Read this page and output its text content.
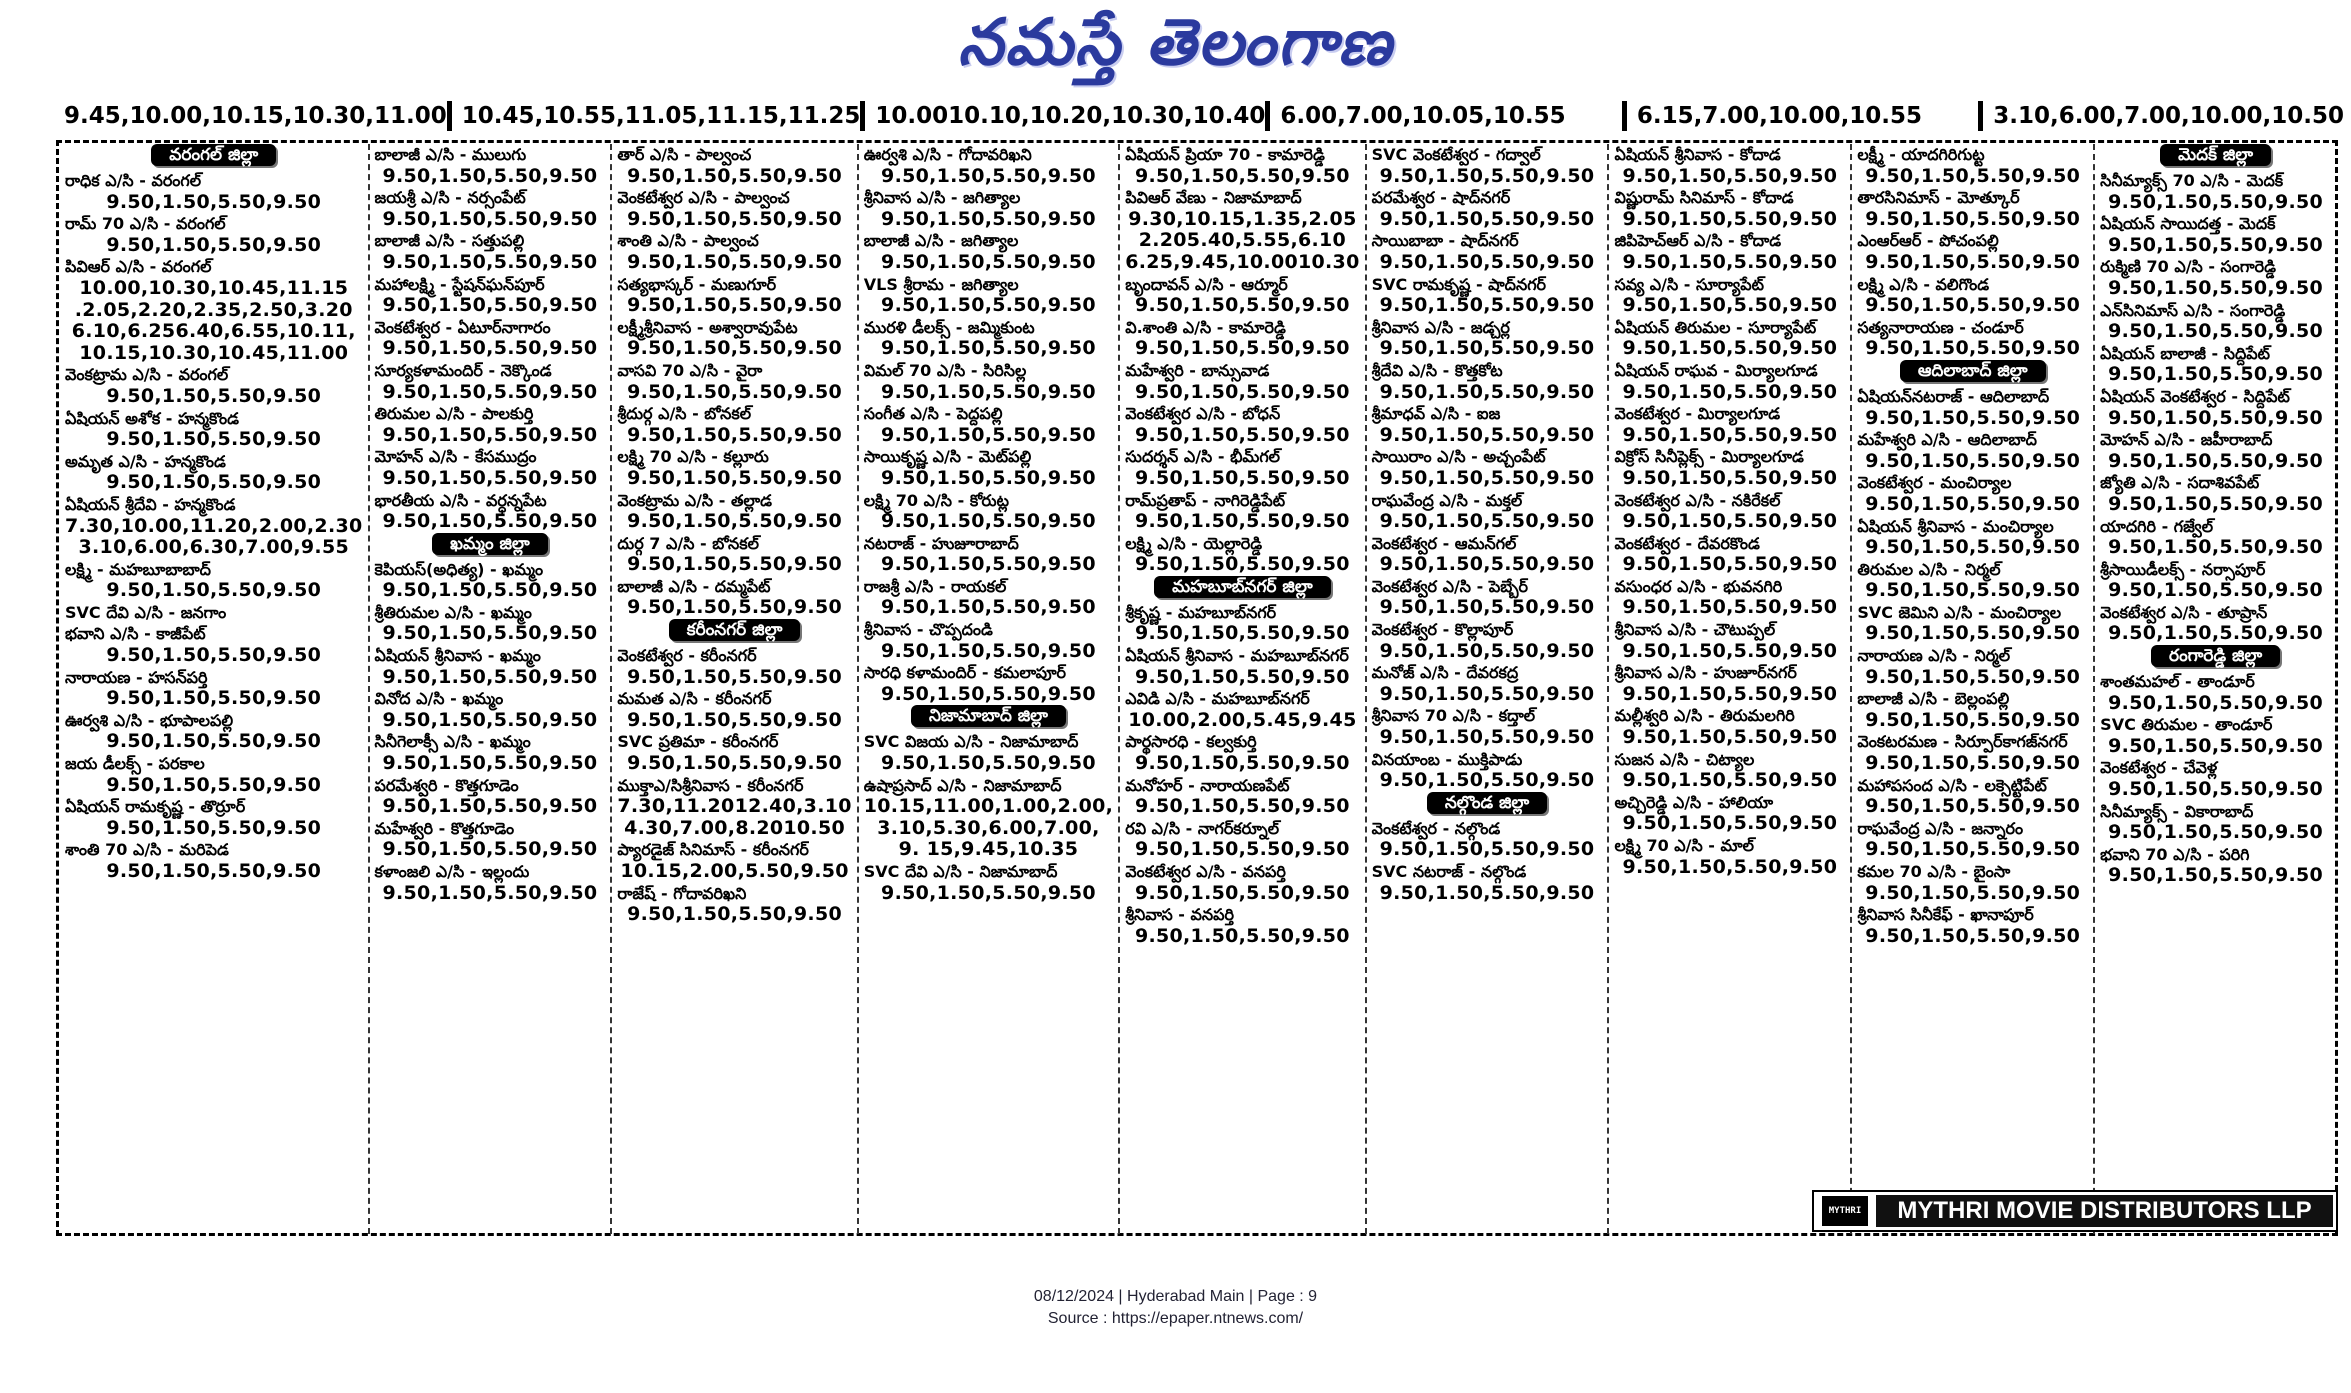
నమస్తే తెలంగాణ
9.45,10.00,10.15,10.30,11.00 10.45,10.55,11.05,11.15,11.25 10.0010.10,10.20,10.30,10.40 6.00,7.00,10.05,10.55	6.15,7.00,10.00,10.55	3.10,6.00,7.00,10.00,10.50
వరంగల్ జిల్లా
రాధిక ఎ/సి - వరంగల్
9.50,1.50,5.50,9.50
రామ్ 70 ఎ/సి - వరంగల్
9.50,1.50,5.50,9.50
పివిఆర్ ఎ/సి - వరంగల్
10.00,10.30,10.45,11.15
.2.05,2.20,2.35,2.50,3.20
6.10,6.256.40,6.55,10.11,
10.15,10.30,10.45,11.00
వెంకట్రామ ఎ/సి - వరంగల్
9.50,1.50,5.50,9.50
ఏషియన్ అశోక - హన్మకొండ
9.50,1.50,5.50,9.50
అమృత ఎ/సి - హన్మకొండ
9.50,1.50,5.50,9.50
ఏషియన్ శ్రీదేవి - హన్మకొండ
7.30,10.00,11.20,2.00,2.30
3.10,6.00,6.30,7.00,9.55
లక్ష్మి - మహబూబాబాద్
9.50,1.50,5.50,9.50
SVC దేవి ఎ/సి - జనగాం
భవాని ఎ/సి - కాజీపేట్
9.50,1.50,5.50,9.50
నారాయణ - హసన్‌పర్తి
9.50,1.50,5.50,9.50
ఊర్వశి ఎ/సి - భూపాలపల్లి
9.50,1.50,5.50,9.50
జయ డీలక్స్ - పరకాల
9.50,1.50,5.50,9.50
ఏషియన్ రామకృష్ణ - తొర్రూర్
9.50,1.50,5.50,9.50
శాంతి 70 ఎ/సి - మరిపెడ
9.50,1.50,5.50,9.50
బాలాజీ ఎ/సి - ములుగు
9.50,1.50,5.50,9.50
జయశ్రీ ఎ/సి - నర్సంపేట్
9.50,1.50,5.50,9.50
బాలాజీ ఎ/సి - సత్తుపల్లి
9.50,1.50,5.50,9.50
మహాలక్ష్మి - స్టేషన్‌ఘన్‌పూర్
9.50,1.50,5.50,9.50
వెంకటేశ్వర - ఏటూర్‌నాగారం
9.50,1.50,5.50,9.50
సూర్యకళామందిర్ - నెక్కొండ
9.50,1.50,5.50,9.50
తిరుమల ఎ/సి - పాలకుర్తి
9.50,1.50,5.50,9.50
మోహన్ ఎ/సి - కేసముద్రం
9.50,1.50,5.50,9.50
భారతీయ ఎ/సి - వర్ధన్నపేట
9.50,1.50,5.50,9.50
ఖమ్మం జిల్లా
కెపియస్(అధిత్య) - ఖమ్మం
9.50,1.50,5.50,9.50
శ్రీతిరుమల ఎ/సి - ఖమ్మం
9.50,1.50,5.50,9.50
ఏషియన్ శ్రీనివాస - ఖమ్మం
9.50,1.50,5.50,9.50
వినోద ఎ/సి - ఖమ్మం
9.50,1.50,5.50,9.50
సినీగెలాక్సీ ఎ/సి - ఖమ్మం
9.50,1.50,5.50,9.50
పరమేశ్వరి - కొత్తగూడెం
9.50,1.50,5.50,9.50
మహేశ్వరి - కొత్తగూడెం
9.50,1.50,5.50,9.50
కళాంజలి ఎ/సి - ఇల్లందు
9.50,1.50,5.50,9.50
తార్ ఎ/సి - పాల్వంచ
9.50,1.50,5.50,9.50
వెంకటేశ్వర ఎ/సి - పాల్వంచ
9.50,1.50,5.50,9.50
శాంతి ఎ/సి - పాల్వంచ
9.50,1.50,5.50,9.50
సత్యభాస్కర్ - మణుగూర్
9.50,1.50,5.50,9.50
లక్ష్మీశ్రీనివాస - అశ్వారావుపేట
9.50,1.50,5.50,9.50
వాసవి 70 ఎ/సి - వైరా
9.50,1.50,5.50,9.50
శ్రీదుర్గ ఎ/సి - బోనకల్
9.50,1.50,5.50,9.50
లక్ష్మి 70 ఎ/సి - కల్లూరు
9.50,1.50,5.50,9.50
వెంకట్రామ ఎ/సి - తల్లాడ
9.50,1.50,5.50,9.50
దుర్గ 7 ఎ/సి - బోనకల్
9.50,1.50,5.50,9.50
బాలాజీ ఎ/సి - దమ్మపేట్
9.50,1.50,5.50,9.50
కరీంనగర్ జిల్లా
వెంకటేశ్వర - కరీంనగర్
9.50,1.50,5.50,9.50
మమత ఎ/సి - కరీంనగర్
9.50,1.50,5.50,9.50
SVC ప్రతిమా - కరీంనగర్
9.50,1.50,5.50,9.50
ముక్తాఎ/సిశ్రీనివాస - కరీంనగర్
7.30,11.2012.40,3.10
4.30,7.00,8.2010.50
ప్యారడైజ్ సినిమాస్ - కరీంనగర్
10.15,2.00,5.50,9.50
రాజేష్ - గోదావరిఖని
9.50,1.50,5.50,9.50
ఊర్వశి ఎ/సి - గోదావరిఖని
9.50,1.50,5.50,9.50
శ్రీనివాస ఎ/సి - జగిత్యాల
9.50,1.50,5.50,9.50
బాలాజీ ఎ/సి - జగిత్యాల
9.50,1.50,5.50,9.50
VLS శ్రీరామ - జగిత్యాల
9.50,1.50,5.50,9.50
మురళి డీలక్స్ - జమ్మికుంట
9.50,1.50,5.50,9.50
విమల్ 70 ఎ/సి - సిరిసిల్ల
9.50,1.50,5.50,9.50
సంగీత ఎ/సి - పెద్దపల్లి
9.50,1.50,5.50,9.50
సాయికృష్ణ ఎ/సి - మెట్‌పల్లి
9.50,1.50,5.50,9.50
లక్ష్మి 70 ఎ/సి - కోరుట్ల
9.50,1.50,5.50,9.50
నటరాజ్ - హుజూరాబాద్
9.50,1.50,5.50,9.50
రాజశ్రీ ఎ/సి - రాయకల్
9.50,1.50,5.50,9.50
శ్రీనివాస - చొప్పదండి
9.50,1.50,5.50,9.50
సారధి కళామందిర్ - కమలాపూర్
9.50,1.50,5.50,9.50
నిజామాబాద్ జిల్లా
SVC విజయ ఎ/సి - నిజామాబాద్
9.50,1.50,5.50,9.50
ఉషాప్రసాద్ ఎ/సి - నిజామాబాద్
10.15,11.00,1.00,2.00,
3.10,5.30,6.00,7.00,
9. 15,9.45,10.35
SVC దేవి ఎ/సి - నిజామాబాద్
9.50,1.50,5.50,9.50
ఏషియన్ ప్రియా 70 - కామారెడ్డి
9.50,1.50,5.50,9.50
పివిఆర్ వేణు - నిజామాబాద్
9.30,10.15,1.35,2.05
2.205.40,5.55,6.10
6.25,9.45,10.0010.30
బృందావన్ ఎ/సి - ఆర్మూర్
9.50,1.50,5.50,9.50
వి.శాంతి ఎ/సి - కామారెడ్డి
9.50,1.50,5.50,9.50
మహేశ్వరి - బాన్సువాడ
9.50,1.50,5.50,9.50
వెంకటేశ్వర ఎ/సి - బోధన్
9.50,1.50,5.50,9.50
సుదర్శన్ ఎ/సి - భీమ్‌గల్
9.50,1.50,5.50,9.50
రామ్‌ప్రతాప్ - నాగిరెడ్డిపేట్
9.50,1.50,5.50,9.50
లక్ష్మి ఎ/సి - యెల్లారెడ్డి
9.50,1.50,5.50,9.50
మహబూబ్‌నగర్ జిల్లా
శ్రీకృష్ణ - మహబూబ్‌నగర్
9.50,1.50,5.50,9.50
ఏషియన్ శ్రీనివాస - మహబూబ్‌నగర్
9.50,1.50,5.50,9.50
ఎవిడి ఎ/సి - మహబూబ్‌నగర్
10.00,2.00,5.45,9.45
పార్థసారధి - కల్వకుర్తి
9.50,1.50,5.50,9.50
మనోహర్ - నారాయణపేట్
9.50,1.50,5.50,9.50
రవి ఎ/సి - నాగర్‌కర్నూల్
9.50,1.50,5.50,9.50
వెంకటేశ్వర ఎ/సి - వనపర్తి
9.50,1.50,5.50,9.50
శ్రీనివాస - వనపర్తి
9.50,1.50,5.50,9.50
SVC వెంకటేశ్వర - గద్వాల్
9.50,1.50,5.50,9.50
పరమేశ్వర - షాద్‌నగర్
9.50,1.50,5.50,9.50
సాయిబాబా - షాద్‌నగర్
9.50,1.50,5.50,9.50
SVC రామకృష్ణ - షాద్‌నగర్
9.50,1.50,5.50,9.50
శ్రీనివాస ఎ/సి - జడ్చర్ల
9.50,1.50,5.50,9.50
శ్రీదేవి ఎ/సి - కొత్తకోట
9.50,1.50,5.50,9.50
శ్రీమాధవ్ ఎ/సి - ఐజ
9.50,1.50,5.50,9.50
సాయిరాం ఎ/సి - అచ్చంపేట్
9.50,1.50,5.50,9.50
రాఘవేంద్ర ఎ/సి - మక్తల్
9.50,1.50,5.50,9.50
వెంకటేశ్వర - ఆమన్‌గల్
9.50,1.50,5.50,9.50
వెంకటేశ్వర ఎ/సి - పెబ్బేర్
9.50,1.50,5.50,9.50
వెంకటేశ్వర - కొల్లాపూర్
9.50,1.50,5.50,9.50
మనోజ్ ఎ/సి - దేవరకద్ర
9.50,1.50,5.50,9.50
శ్రీనివాస 70 ఎ/సి - కద్తాల్
9.50,1.50,5.50,9.50
వినయాంబ - ముక్తిపాడు
9.50,1.50,5.50,9.50
నల్గొండ జిల్లా
వెంకటేశ్వర - నల్గొండ
9.50,1.50,5.50,9.50
SVC నటరాజ్ - నల్గొండ
9.50,1.50,5.50,9.50
ఏషియన్ శ్రీనివాస - కోదాడ
9.50,1.50,5.50,9.50
విష్ణురామ్ సినిమాస్ - కోదాడ
9.50,1.50,5.50,9.50
జిపిహెచ్ఆర్ ఎ/సి - కోదాడ
9.50,1.50,5.50,9.50
సవ్య ఎ/సి - సూర్యాపేట్
9.50,1.50,5.50,9.50
ఏషియన్ తిరుమల - సూర్యాపేట్
9.50,1.50,5.50,9.50
ఏషియన్ రాఘవ - మిర్యాలగూడ
9.50,1.50,5.50,9.50
వెంకటేశ్వర - మిర్యాలగూడ
9.50,1.50,5.50,9.50
విక్రోస్ సినీప్లెక్స్ - మిర్యాలగూడ
9.50,1.50,5.50,9.50
వెంకటేశ్వర ఎ/సి - నకిరేకల్
9.50,1.50,5.50,9.50
వెంకటేశ్వర - దేవరకొండ
9.50,1.50,5.50,9.50
వసుంధర ఎ/సి - భువనగిరి
9.50,1.50,5.50,9.50
శ్రీనివాస ఎ/సి - చౌటుప్పల్
9.50,1.50,5.50,9.50
శ్రీనివాస ఎ/సి - హుజూర్‌నగర్
9.50,1.50,5.50,9.50
మల్లీశ్వరి ఎ/సి - తిరుమలగిరి
9.50,1.50,5.50,9.50
సుజన ఎ/సి - చిట్యాల
9.50,1.50,5.50,9.50
అచ్చిరెడ్డి ఎ/సి - హాలియా
9.50,1.50,5.50,9.50
లక్ష్మి 70 ఎ/సి - మాల్
9.50,1.50,5.50,9.50
లక్ష్మీ - యాదగిరిగుట్ట
9.50,1.50,5.50,9.50
తారసినిమాస్ - మోత్కూర్
9.50,1.50,5.50,9.50
ఎంఆర్ఆర్ - పోచంపల్లి
9.50,1.50,5.50,9.50
లక్ష్మి ఎ/సి - వలిగొండ
9.50,1.50,5.50,9.50
సత్యనారాయణ - చండూర్
9.50,1.50,5.50,9.50
ఆదిలాబాద్ జిల్లా
ఏషియన్‌నటరాజ్ - ఆదిలాబాద్
9.50,1.50,5.50,9.50
మహేశ్వరి ఎ/సి - ఆదిలాబాద్
9.50,1.50,5.50,9.50
వెంకటేశ్వర - మంచిర్యాల
9.50,1.50,5.50,9.50
ఏషియన్ శ్రీనివాస - మంచిర్యాల
9.50,1.50,5.50,9.50
తిరుమల ఎ/సి - నిర్మల్
9.50,1.50,5.50,9.50
SVC జెమిని ఎ/సి - మంచిర్యాల
9.50,1.50,5.50,9.50
నారాయణ ఎ/సి - నిర్మల్
9.50,1.50,5.50,9.50
బాలాజీ ఎ/సి - బెల్లంపల్లి
9.50,1.50,5.50,9.50
వెంకటరమణ - సిర్పూర్‌కాగజ్‌నగర్
9.50,1.50,5.50,9.50
మహాపసంద ఎ/సి - లక్సెట్టిపేట్
9.50,1.50,5.50,9.50
రాఘవేంద్ర ఎ/సి - జన్నారం
9.50,1.50,5.50,9.50
కమల 70 ఎ/సి - బైంసా
9.50,1.50,5.50,9.50
శ్రీనివాస సినీకేఫ్ - ఖానాపూర్
9.50,1.50,5.50,9.50
మెదక్ జిల్లా
సినీమ్యాక్స్ 70 ఎ/సి - మెదక్
9.50,1.50,5.50,9.50
ఏషియన్ సాయిదత్త - మెదక్
9.50,1.50,5.50,9.50
రుక్మిణి 70 ఎ/సి - సంగారెడ్డి
9.50,1.50,5.50,9.50
ఎన్‌సినిమాస్ ఎ/సి - సంగారెడ్డి
9.50,1.50,5.50,9.50
ఏషియన్ బాలాజీ - సిద్దిపేట్
9.50,1.50,5.50,9.50
ఏషియన్ వెంకటేశ్వర - సిద్దిపేట్
9.50,1.50,5.50,9.50
మోహన్ ఎ/సి - జహీరాబాద్
9.50,1.50,5.50,9.50
జ్యోతి ఎ/సి - సదాశివపేట్
9.50,1.50,5.50,9.50
యాదగిరి - గజ్వేల్
9.50,1.50,5.50,9.50
శ్రీసాయిడీలక్స్ - నర్సాపూర్
9.50,1.50,5.50,9.50
వెంకటేశ్వర ఎ/సి - తూప్రాన్
9.50,1.50,5.50,9.50
రంగారెడ్డి జిల్లా
శాంతమహల్ - తాండూర్
9.50,1.50,5.50,9.50
SVC తిరుమల - తాండూర్
9.50,1.50,5.50,9.50
వెంకటేశ్వర - చేవెళ్ల
9.50,1.50,5.50,9.50
సినీమ్యాక్స్ - వికారాబాద్
9.50,1.50,5.50,9.50
భవాని 70 ఎ/సి - పరిగి
9.50,1.50,5.50,9.50
MYTHRI	MYTHRI MOVIE DISTRIBUTORS LLP
08/12/2024 | Hyderabad Main | Page : 9
Source : https://epaper.ntnews.com/
